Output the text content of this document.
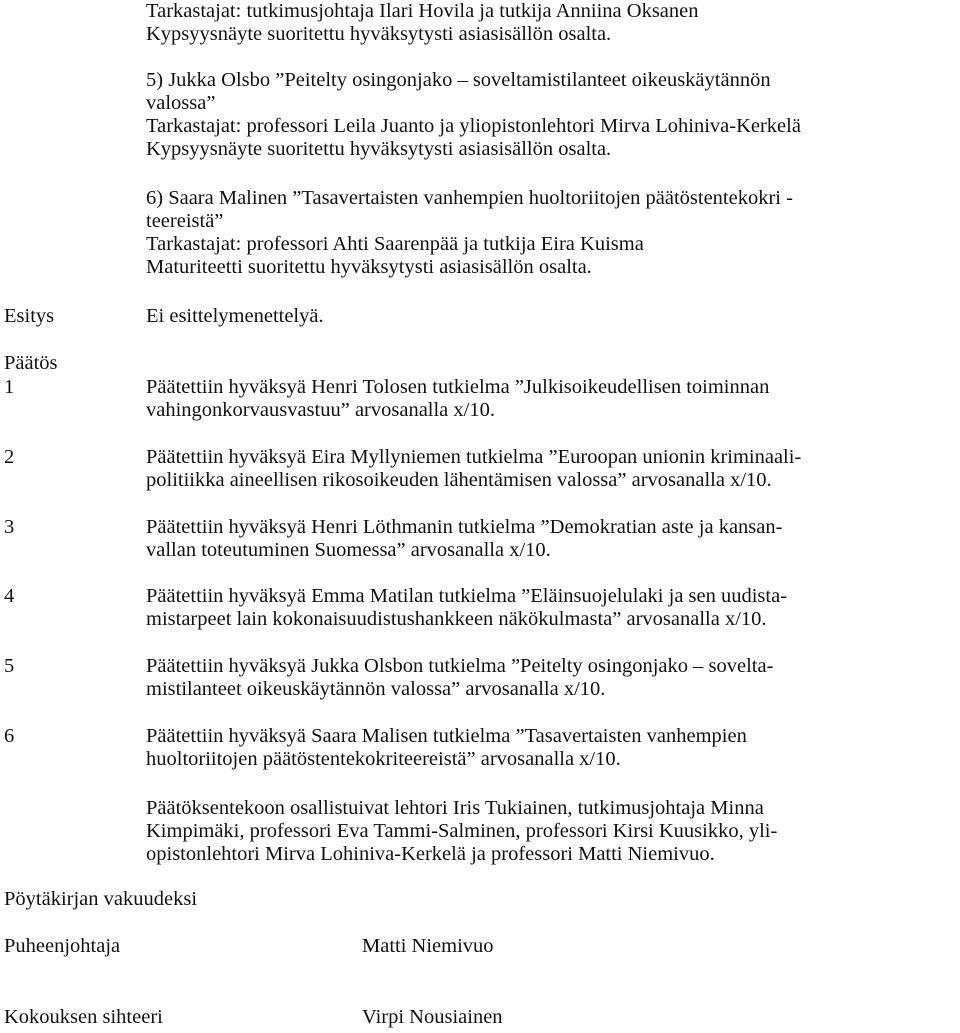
Tarkastajat: tutkimusjohtaja Ilari Hovila ja tutkija Anniina Oksanen

Kypsyysnäyte suoritettu hyväksytysti asiasisällön osalta.

5) Jukka Olsbo ”Peitelty osingonjako – soveltamistilanteet oikeuskäytännön

valossa”

Tarkastajat: professori Leila Juanto ja yliopistonlehtori Mirva Lohiniva-Kerkelä

Kypsyysnäyte suoritettu hyväksytysti asiasisällön osalta.

6) Saara Malinen ”Tasavertaisten vanhempien huoltoriitojen päätöstentekokri -

teereistä”

Tarkastajat: professori Ahti Saarenpää ja tutkija Eira Kuisma

Maturiteetti suoritettu hyväksytysti asiasisällön osalta.

Esitys	Ei esittelymenettelyä.

Päätös
1	Päätettiin hyväksyä Henri Tolosen tutkielma ”Julkisoikeudellisen toiminnan

vahingonkorvausvastuu” arvosanalla x/10.

2	Päätettiin hyväksyä Eira Myllyniemen tutkielma ”Euroopan unionin kriminaali-

politiikka aineellisen rikosoikeuden lähentämisen valossa” arvosanalla x/10.

3	Päätettiin hyväksyä Henri Löthmanin tutkielma ”Demokratian aste ja kansan-

vallan toteutuminen Suomessa” arvosanalla x/10.

4	Päätettiin hyväksyä Emma Matilan tutkielma ”Eläinsuojelulaki ja sen uudista-

mistarpeet lain kokonaisuudistushankkeen näkökulmasta” arvosanalla x/10.

5	Päätettiin hyväksyä Jukka Olsbon tutkielma ”Peitelty osingonjako – sovelta-

mistilanteet oikeuskäytännön valossa” arvosanalla x/10.

6	Päätettiin hyväksyä Saara Malisen tutkielma ”Tasavertaisten vanhempien

huoltoriitojen päätöstentekokriteereistä” arvosanalla x/10.

Päätöksentekoon osallistuivat lehtori Iris Tukiainen, tutkimusjohtaja Minna

Kimpimäki, professori Eva Tammi-Salminen, professori Kirsi Kuusikko, yli-

opistonlehtori Mirva Lohiniva-Kerkelä ja professori Matti Niemivuo.

Pöytäkirjan vakuudeksi
Puheenjohtaja	Matti Niemivuo
Kokouksen sihteeri	Virpi Nousiainen
